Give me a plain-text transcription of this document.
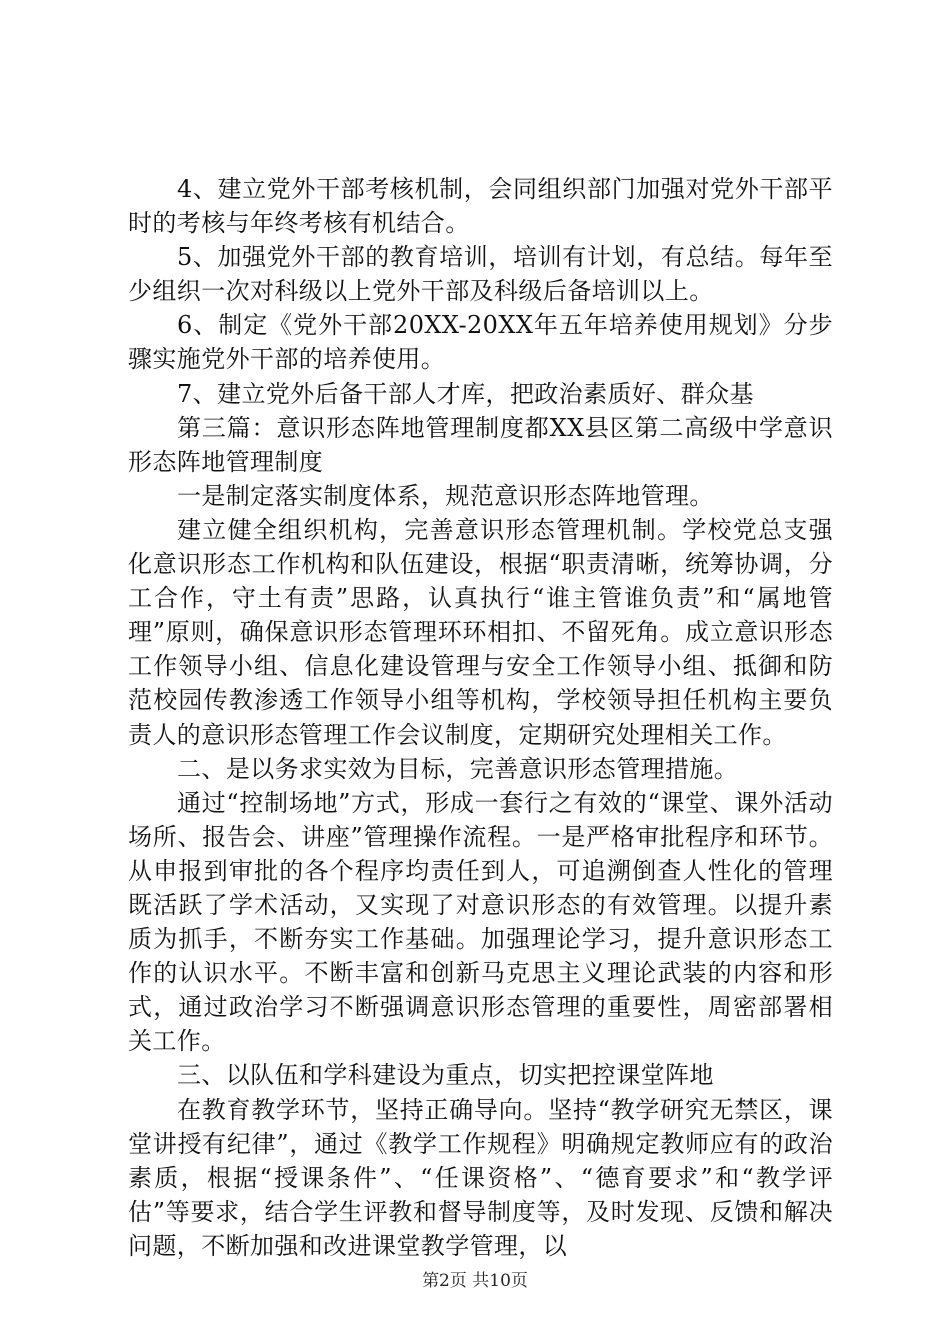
4、建立党外干部考核机制，会同组织部门加强对党外干部平时的考核与年终考核有机结合。

5、加强党外干部的教育培训，培训有计划，有总结。每年至少组织一次对科级以上党外干部及科级后备培训以上。

6、制定《党外干部20XX-20XX年五年培养使用规划》分步骤实施党外干部的培养使用。

7、建立党外后备干部人才库，把政治素质好、群众基

第三篇：意识形态阵地管理制度都XX县区第二高级中学意识形态阵地管理制度

一是制定落实制度体系，规范意识形态阵地管理。

建立健全组织机构，完善意识形态管理机制。学校党总支强化意识形态工作机构和队伍建设，根据“职责清晰，统筹协调，分工合作，守土有责”思路，认真执行“谁主管谁负责”和“属地管理”原则，确保意识形态管理环环相扣、不留死角。成立意识形态工作领导小组、信息化建设管理与安全工作领导小组、抵御和防范校园传教渗透工作领导小组等机构，学校领导担任机构主要负责人的意识形态管理工作会议制度，定期研究处理相关工作。

二、是以务求实效为目标，完善意识形态管理措施。

通过“控制场地”方式，形成一套行之有效的“课堂、课外活动场所、报告会、讲座”管理操作流程。一是严格审批程序和环节。从申报到审批的各个程序均责任到人，可追溯倒查人性化的管理既活跃了学术活动，又实现了对意识形态的有效管理。以提升素质为抓手，不断夯实工作基础。加强理论学习，提升意识形态工作的认识水平。不断丰富和创新马克思主义理论武装的内容和形式，通过政治学习不断强调意识形态管理的重要性，周密部署相关工作。

三、以队伍和学科建设为重点，切实把控课堂阵地

在教育教学环节，坚持正确导向。坚持“教学研究无禁区，课堂讲授有纪律”，通过《教学工作规程》明确规定教师应有的政治素质，根据“授课条件”、“任课资格”、“德育要求”和“教学评估”等要求，结合学生评教和督导制度等，及时发现、反馈和解决问题，不断加强和改进课堂教学管理，以

第2页 共10页
